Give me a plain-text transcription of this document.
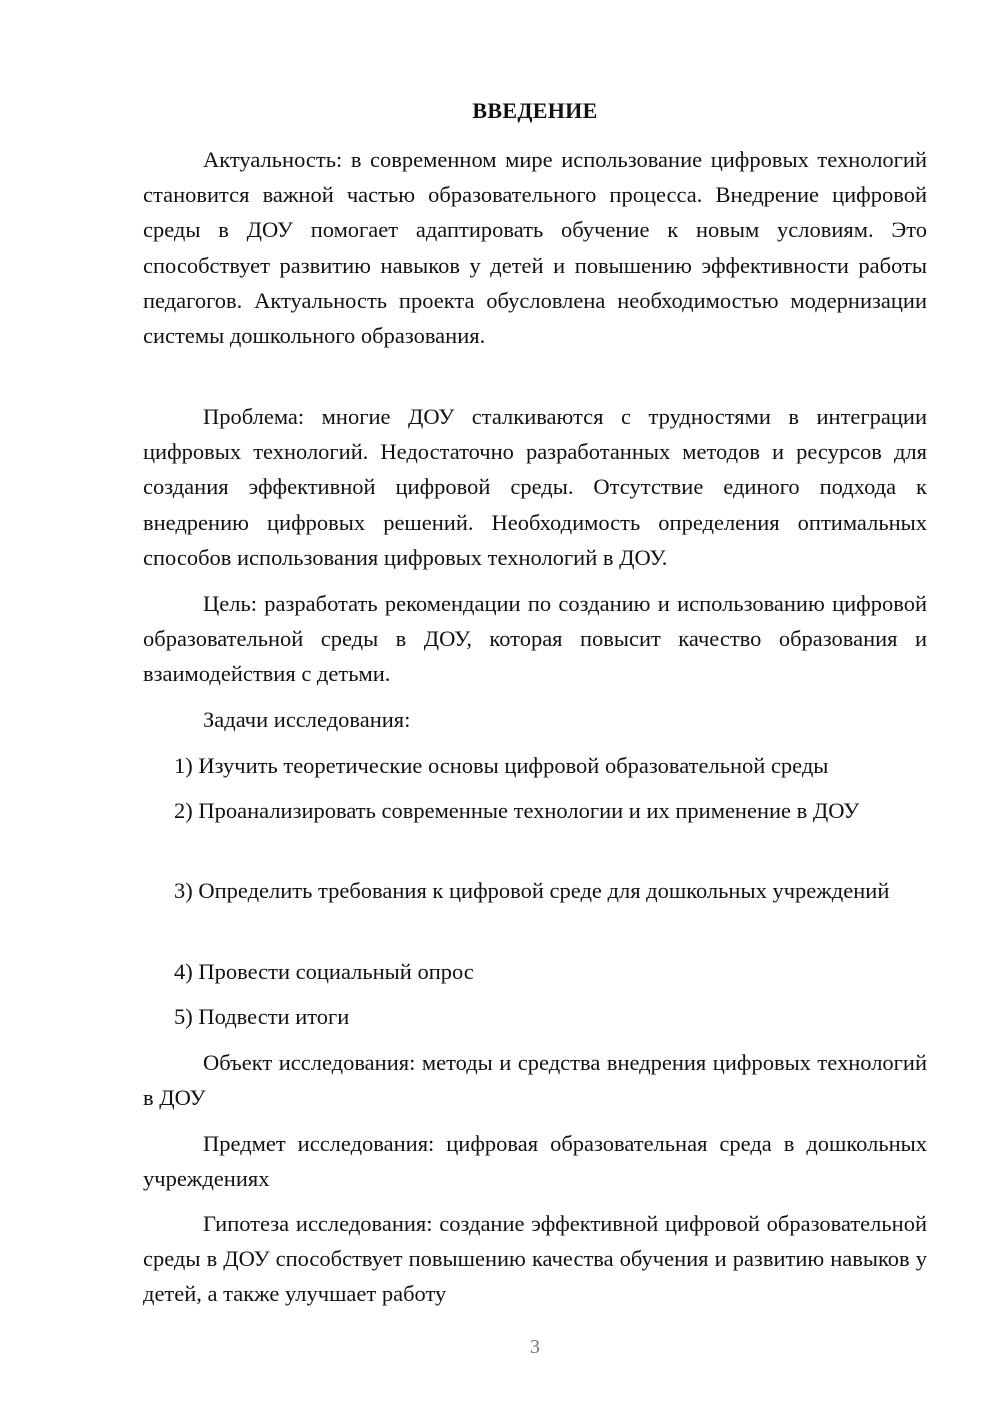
ВВЕДЕНИЕ

Актуальность: в современном мире использование цифровых технологий становится важной частью образовательного процесса. Внедрение цифровой среды в ДОУ помогает адаптировать обучение к новым условиям. Это способствует развитию навыков у детей и повышению эффективности работы педагогов. Актуальность проекта обусловлена необходимостью модернизации системы дошкольного образования.

Проблема: многие ДОУ сталкиваются с трудностями в интеграции цифровых технологий. Недостаточно разработанных методов и ресурсов для создания эффективной цифровой среды. Отсутствие единого подхода к внедрению цифровых решений. Необходимость определения оптимальных способов использования цифровых технологий в ДОУ.

Цель: разработать рекомендации по созданию и использованию цифровой образовательной среды в ДОУ, которая повысит качество образования и взаимодействия с детьми.

Задачи исследования:

1) Изучить теоретические основы цифровой образовательной среды

2) Проанализировать современные технологии и их применение в ДОУ

3) Определить требования к цифровой среде для дошкольных учреждений

4) Провести социальный опрос

5) Подвести итоги

Объект исследования: методы и средства внедрения цифровых технологий в ДОУ

Предмет исследования: цифровая образовательная среда в дошкольных учреждениях

Гипотеза исследования: создание эффективной цифровой образовательной среды в ДОУ способствует повышению качества обучения и развитию навыков у детей, а также улучшает работу

3
